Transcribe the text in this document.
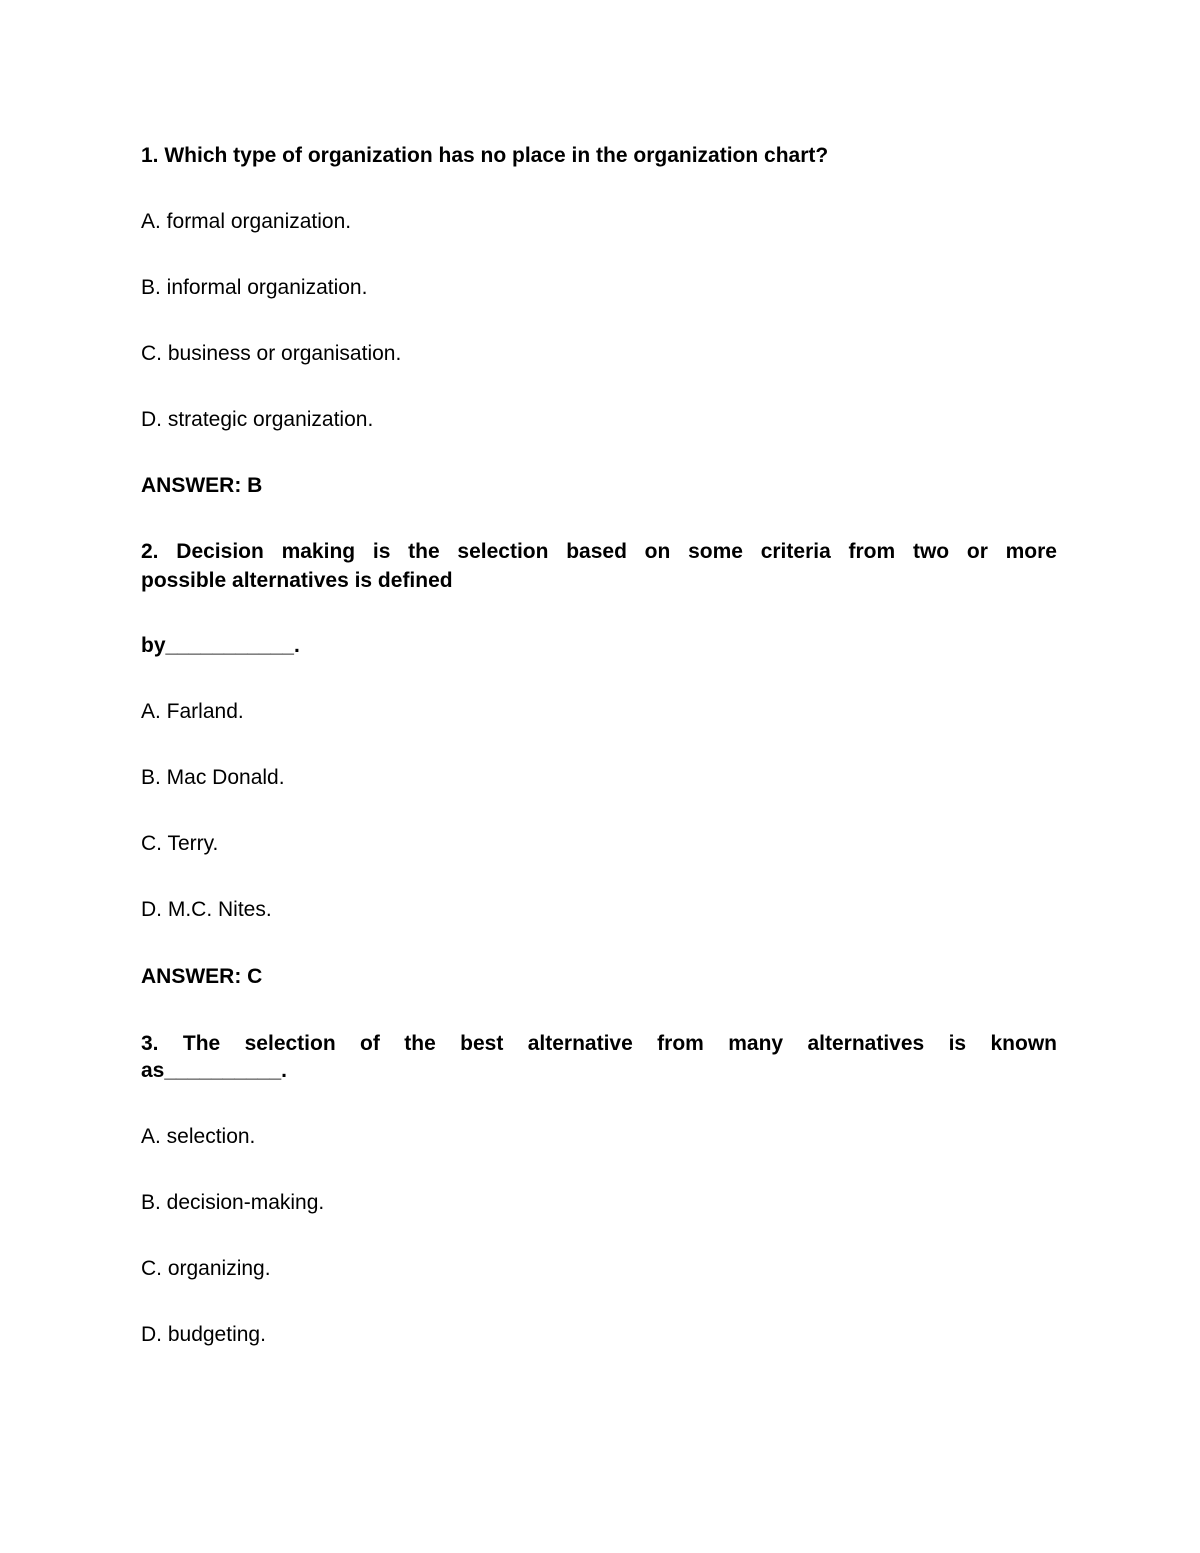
1. Which type of organization has no place in the organization chart?

A. formal organization.

B. informal organization.

C. business or organisation.

D. strategic organization.

ANSWER: B

2. Decision making is the selection based on some criteria from two or more

possible alternatives is defined

by___________.

A. Farland.

B. Mac Donald.

C. Terry.

D. M.C. Nites.

ANSWER: C

3. The selection of the best alternative from many alternatives is known

as__________.

A. selection.

B. decision-making.

C. organizing.

D. budgeting.
